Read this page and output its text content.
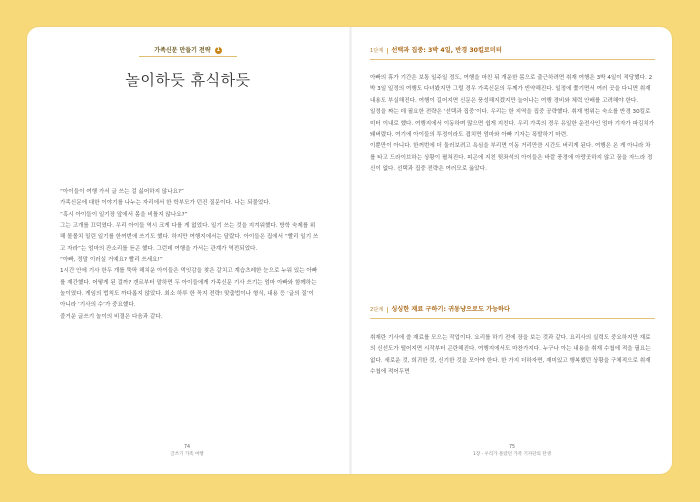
가족신문 만들기 전략 1
놀이하듯 휴식하듯

“아이들이 여행 가서 글 쓰는 걸 싫어하지 않나요?”

가족신문에 대한 이야기를 나누는 자리에서 한 학부모가 던진 질문이다. 나는 되물었다.

“혹시 아이들이 일기장 앞에서 몸을 비틀지 않나요?”

그는 고개를 끄덕였다. 우리 아이들 역시 크게 다를 게 없었다. 일기 쓰는 것을 지겨워했다. 방학 숙제를 위해 몰몰치 밀린 일기를 한꺼번에 쓰기도 했다. 하지만 여행지에서는 달랐다. 아이들은 집에서 “빨리 일기 쓰고 자라”는 엄마의 잔소리를 듣곤 했다. 그런데 여행을 가서는 관계가 역전되었다.

“아빠, 정말 이러실 거예요? 빨리 쓰세요!”

1시간 안에 기사 한두 개를 뚝딱 해치운 아이들은 먹잇감을 찾은 갈치고 계습츠레한 눈으로 누워 있는 아빠를 재간했다. 어떻게 된 걸까? 갠르부터 말하면 두 아이들에게 가족신문 기사 쓰기는 엄마 아빠와 함께하는 놀이였다. 게임의 법칙도 까다롭지 않았다. 최소 하루 한 꼭지 전략! 맞춤법이나 형식, 내용 등 ‘글의 질’이 아니라 ‘기사의 수’가 중요했다.

즐거운 글쓰기 놀이의 비결은 다음과 같다.

74
글쓰기 가족 여행
1단계 선택과 집중: 3박 4일, 반경 30킬로미터

아빠의 휴가 기간은 보통 일주일 정도, 여행을 마친 뒤 개운한 몸으로 출근하려면 취재 여행은 3박 4일이 적당했다. 2박 3일 일정의 여행도 다녀봤지만 그럴 경우 가족신문의 두께가 빈약해진다. 일정에 쫓기면서 여러 곳을 다니면 취재 내용도 부실해진다. 여행이 길어지면 신문은 풍성해지겠지만 늘어나는 여행 경비와 체력 안배를 고려해야 한다.

일정을 짜는 데 필요한 전략은 ‘선택과 집중’이다. 우리는 한 지역을 집중 공략했다. 취재 범위는 숙소를 반경 30킬로미터 이내로 했다. 여행지에서 이동하며 많으면 쉽게 지친다. 우리 가족의 경우 유일한 운전사인 엄마 기자가 파김치가 돼버렸다. 여기에 아이들의 투정이라도 겹치면 엄마와 아빠 기자는 폭발하기 마련.

이뿐만이 아니다. 한꺼번에 더 둘러보려고 욕심을 부리면 이동 거리만큼 시간도 버리게 된다. 여행은 온 게 아니라 차를 타고 드라이브하는 상황이 펼쳐진다. 피곤에 지친 뒷좌석의 아이들은 바깥 풍경에 아랑곳하지 않고 꿈을 자느라 정신이 없다. 선택과 집중 전략은 여러모로 옳았다.

2단계 싱싱한 재료 구하기: 귀동냥으로도 가능하다

취재란 기사에 쓸 재료를 모으는 작업이다. 요리를 하기 전에 장을 보는 것과 같다. 요리사의 실력도 중요하지만 재료의 신선도가 떨어지면 시작부터 곤란해진다. 여행지에서도 마찬가지다. 누구나 아는 내용을 취재 수첩에 적을 필요는 없다. 새로운 것, 희귀한 것, 신기한 것을 모아야 한다. 한 가지 더하자면, 재미있고 행복했던 상황을 구체적으로 취재 수첩에 적어두면

75
1장 · 우리가 몰랐던 가족 기자단의 탄생
